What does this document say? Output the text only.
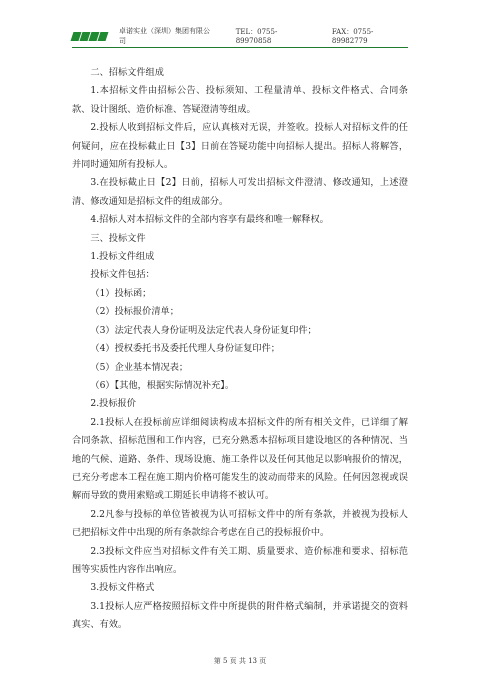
卓诺实业（深圳）集团有限公司
TEL：0755-89970858
FAX：0755-89982779

二、招标文件组成

1.本招标文件由招标公告、投标须知、工程量清单、投标文件格式、合同条款、设计图纸、造价标准、答疑澄清等组成。

2.投标人收到招标文件后，应认真核对无误，并签收。投标人对招标文件的任何疑问，应在投标截止日【3】日前在答疑功能中向招标人提出。招标人将解答，并同时通知所有投标人。

3.在投标截止日【2】日前，招标人可发出招标文件澄清、修改通知，上述澄清、修改通知是招标文件的组成部分。

4.招标人对本招标文件的全部内容享有最终和唯一解释权。

三、投标文件

1.投标文件组成

投标文件包括：

（1）投标函；

（2）投标报价清单；

（3）法定代表人身份证明及法定代表人身份证复印件；

（4）授权委托书及委托代理人身份证复印件；

（5）企业基本情况表；

（6）【其他，根据实际情况补充】。

2.投标报价

2.1投标人在投标前应详细阅读构成本招标文件的所有相关文件，已详细了解合同条款、招标范围和工作内容，已充分熟悉本招标项目建设地区的各种情况、当地的气候、道路、条件、现场设施、施工条件以及任何其他足以影响报价的情况，已充分考虑本工程在施工期内价格可能发生的波动而带来的风险。任何因忽视或误解而导致的费用索赔或工期延长申请将不被认可。

2.2凡参与投标的单位皆被视为认可招标文件中的所有条款，并被视为投标人已把招标文件中出现的所有条款综合考虑在自己的投标报价中。

2.3投标文件应当对招标文件有关工期、质量要求、造价标准和要求、招标范围等实质性内容作出响应。

3.投标文件格式

3.1投标人应严格按照招标文件中所提供的附件格式编制，并承诺提交的资料真实、有效。

第 5 页 共 13 页
